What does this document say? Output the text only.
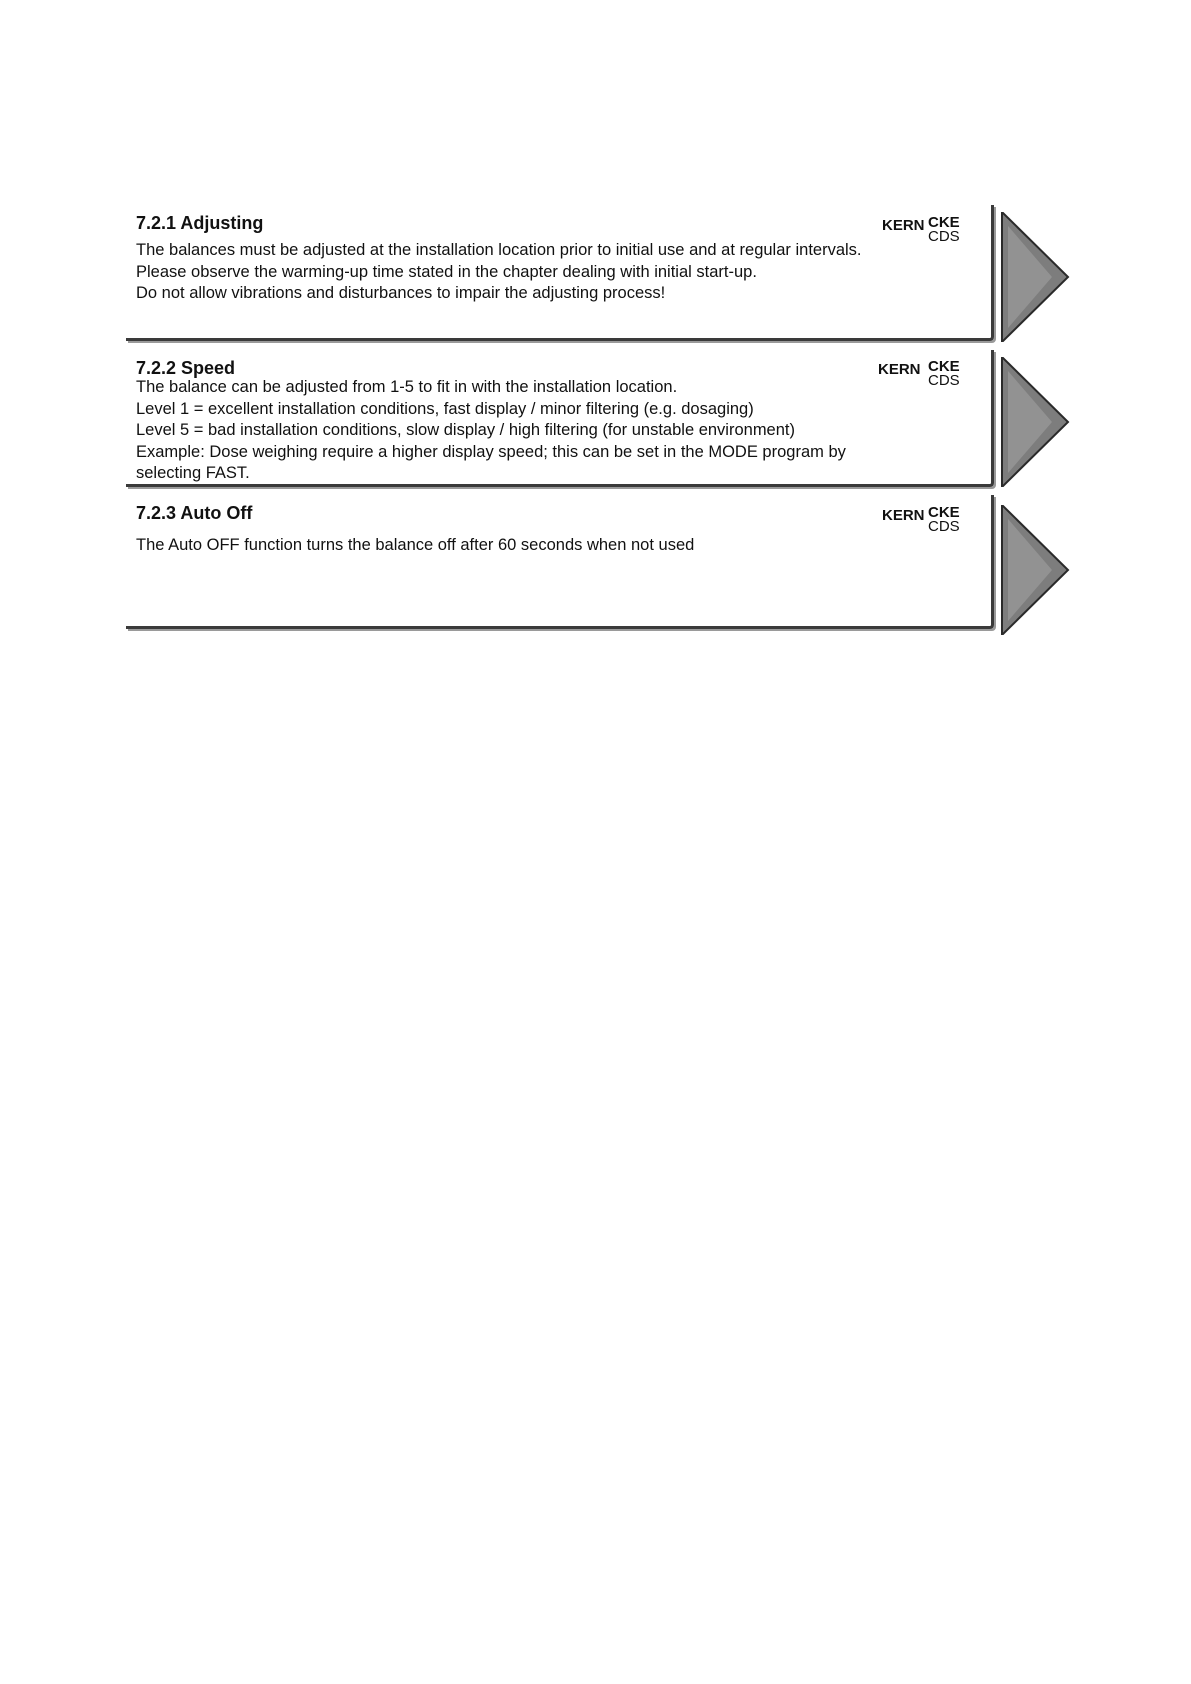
7.2.1 Adjusting	KERN CKE
CDS
The balances must be adjusted at the installation location prior to initial use and at regular intervals.
Please observe the warming-up time stated in the chapter dealing with initial start-up.
Do not allow vibrations and disturbances to impair the adjusting process!
7.2.2 Speed	KERN CKE
CDS
The balance can be adjusted from 1-5 to fit in with the installation location.
Level 1 = excellent installation conditions, fast display / minor filtering (e.g. dosaging)
Level 5 = bad installation conditions, slow display / high filtering (for unstable environment)
Example: Dose weighing require a higher display speed; this can be set in the MODE program by
selecting FAST.
7.2.3 Auto Off	KERN CKE
CDS
The Auto OFF function turns the balance off after 60 seconds when not used
